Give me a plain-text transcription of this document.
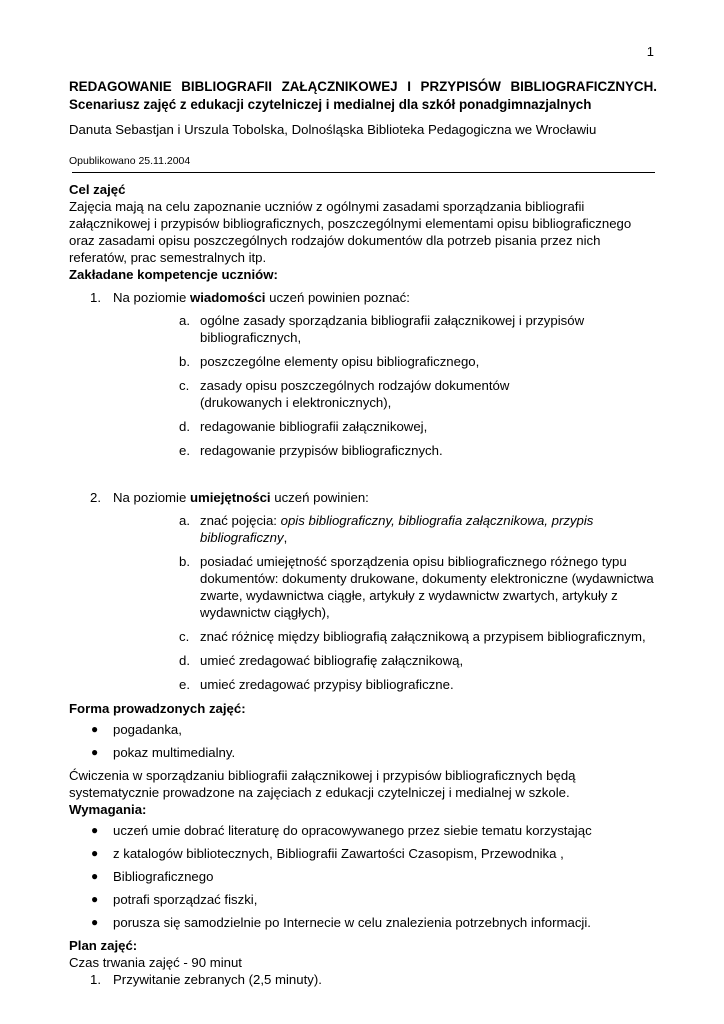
1

REDAGOWANIE BIBLIOGRAFII ZAŁĄCZNIKOWEJ I PRZYPISÓW BIBLIOGRAFICZNYCH. Scenariusz zajęć z edukacji czytelniczej i medialnej dla szkół ponadgimnazjalnych

Danuta Sebastjan i Urszula Tobolska, Dolnośląska Biblioteka Pedagogiczna we Wrocławiu
Opublikowano 25.11.2004

Cel zajęć

Zajęcia mają na celu zapoznanie uczniów z ogólnymi zasadami sporządzania bibliografii załącznikowej i przypisów bibliograficznych, poszczególnymi elementami opisu bibliograficznego oraz zasadami opisu poszczególnych rodzajów dokumentów dla potrzeb pisania przez nich referatów, prac semestralnych itp.

Zakładane kompetencje uczniów:

1. Na poziomie wiadomości uczeń powinien poznać:
a. ogólne zasady sporządzania bibliografii załącznikowej i przypisów bibliograficznych,
b. poszczególne elementy opisu bibliograficznego,
c. zasady opisu poszczególnych rodzajów dokumentów
(drukowanych i elektronicznych),
d. redagowanie bibliografii załącznikowej,
e. redagowanie przypisów bibliograficznych.
2. Na poziomie umiejętności uczeń powinien:
a. znać pojęcia: opis bibliograficzny, bibliografia załącznikowa, przypis bibliograficzny,
b. posiadać umiejętność sporządzenia opisu bibliograficznego różnego typu dokumentów: dokumenty drukowane, dokumenty elektroniczne (wydawnictwa zwarte, wydawnictwa ciągłe, artykuły z wydawnictw zwartych, artykuły z wydawnictw ciągłych),
c. znać różnicę między bibliografią załącznikową a przypisem bibliograficznym,
d. umieć zredagować bibliografię załącznikową,
e. umieć zredagować przypisy bibliograficzne.

Forma prowadzonych zajęć:

● pogadanka,
● pokaz multimedialny.

Ćwiczenia w sporządzaniu bibliografii załącznikowej i przypisów bibliograficznych będą systematycznie prowadzone na zajęciach z edukacji czytelniczej i medialnej w szkole.

Wymagania:

● uczeń umie dobrać literaturę do opracowywanego przez siebie tematu korzystając
● z katalogów bibliotecznych, Bibliografii Zawartości Czasopism, Przewodnika ,
● Bibliograficznego
● potrafi sporządzać fiszki,
● porusza się samodzielnie po Internecie w celu znalezienia potrzebnych informacji.

Plan zajęć:

Czas trwania zajęć - 90 minut

1. Przywitanie zebranych (2,5 minuty).
